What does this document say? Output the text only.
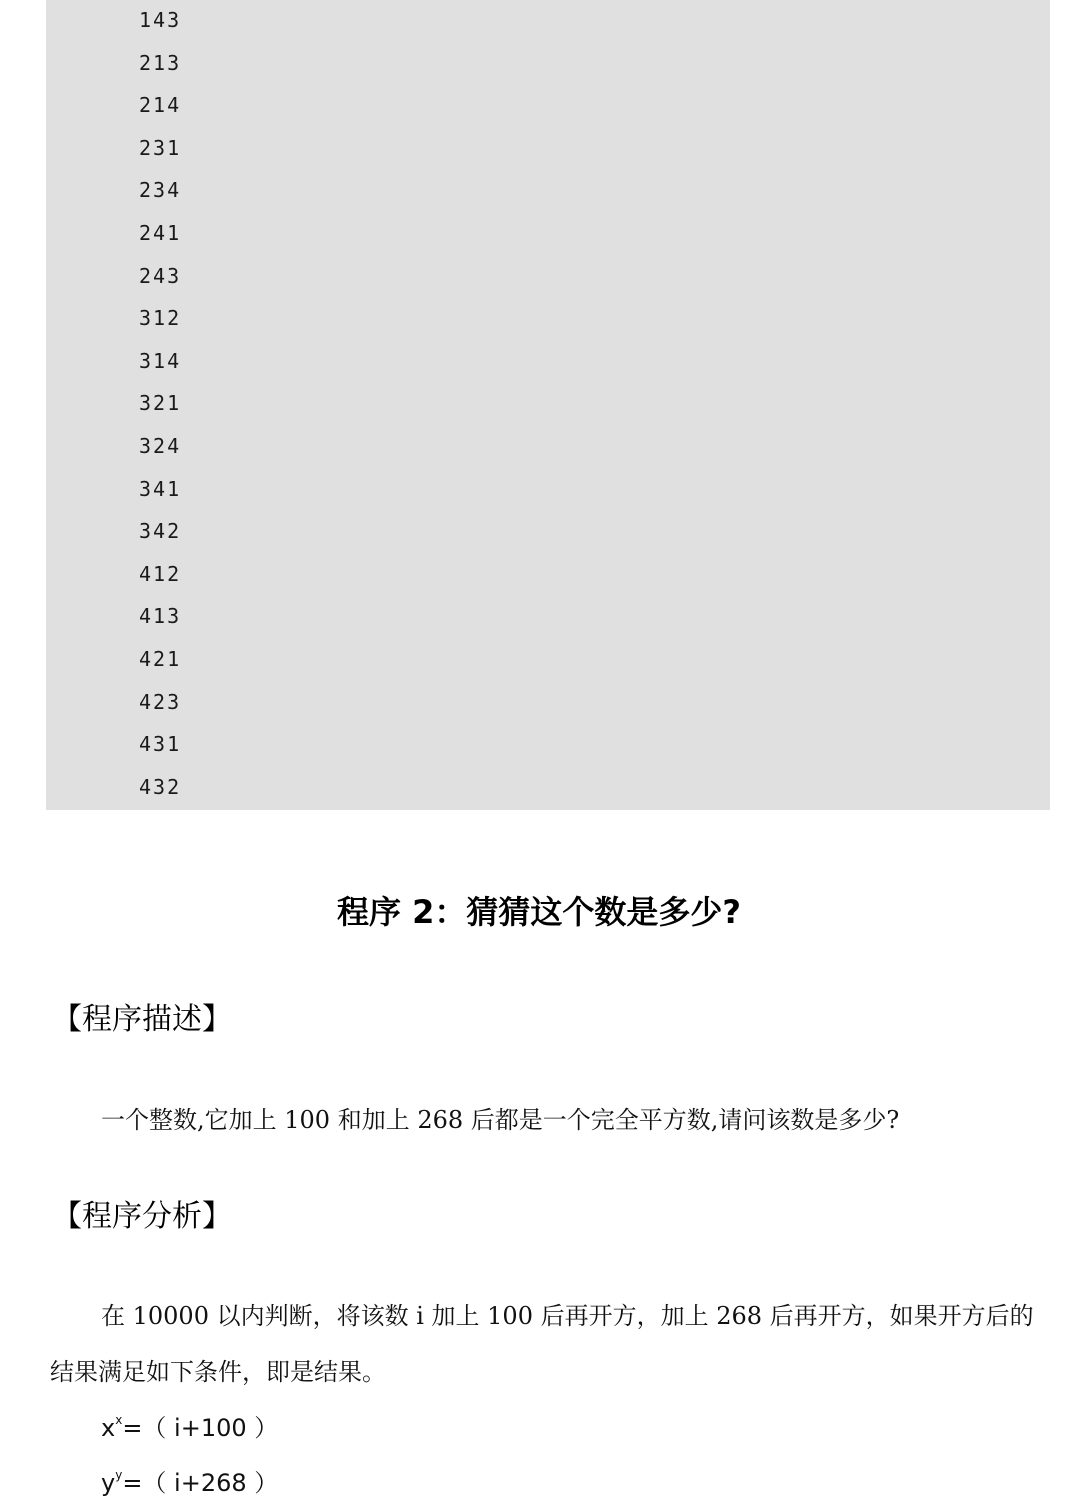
143
213
214
231
234
241
243
312
314
321
324
341
342
412
413
421
423
431
432
程序 2：猜猜这个数是多少?
【程序描述】
一个整数,它加上 100 和加上 268 后都是一个完全平方数,请问该数是多少?
【程序分析】
在 10000 以内判断，将该数 i 加上 100 后再开方，加上 268 后再开方，如果开方后的结果满足如下条件，即是结果。
$x^x=$（ i+100 ）
$y^y=$（ i+268 ）
